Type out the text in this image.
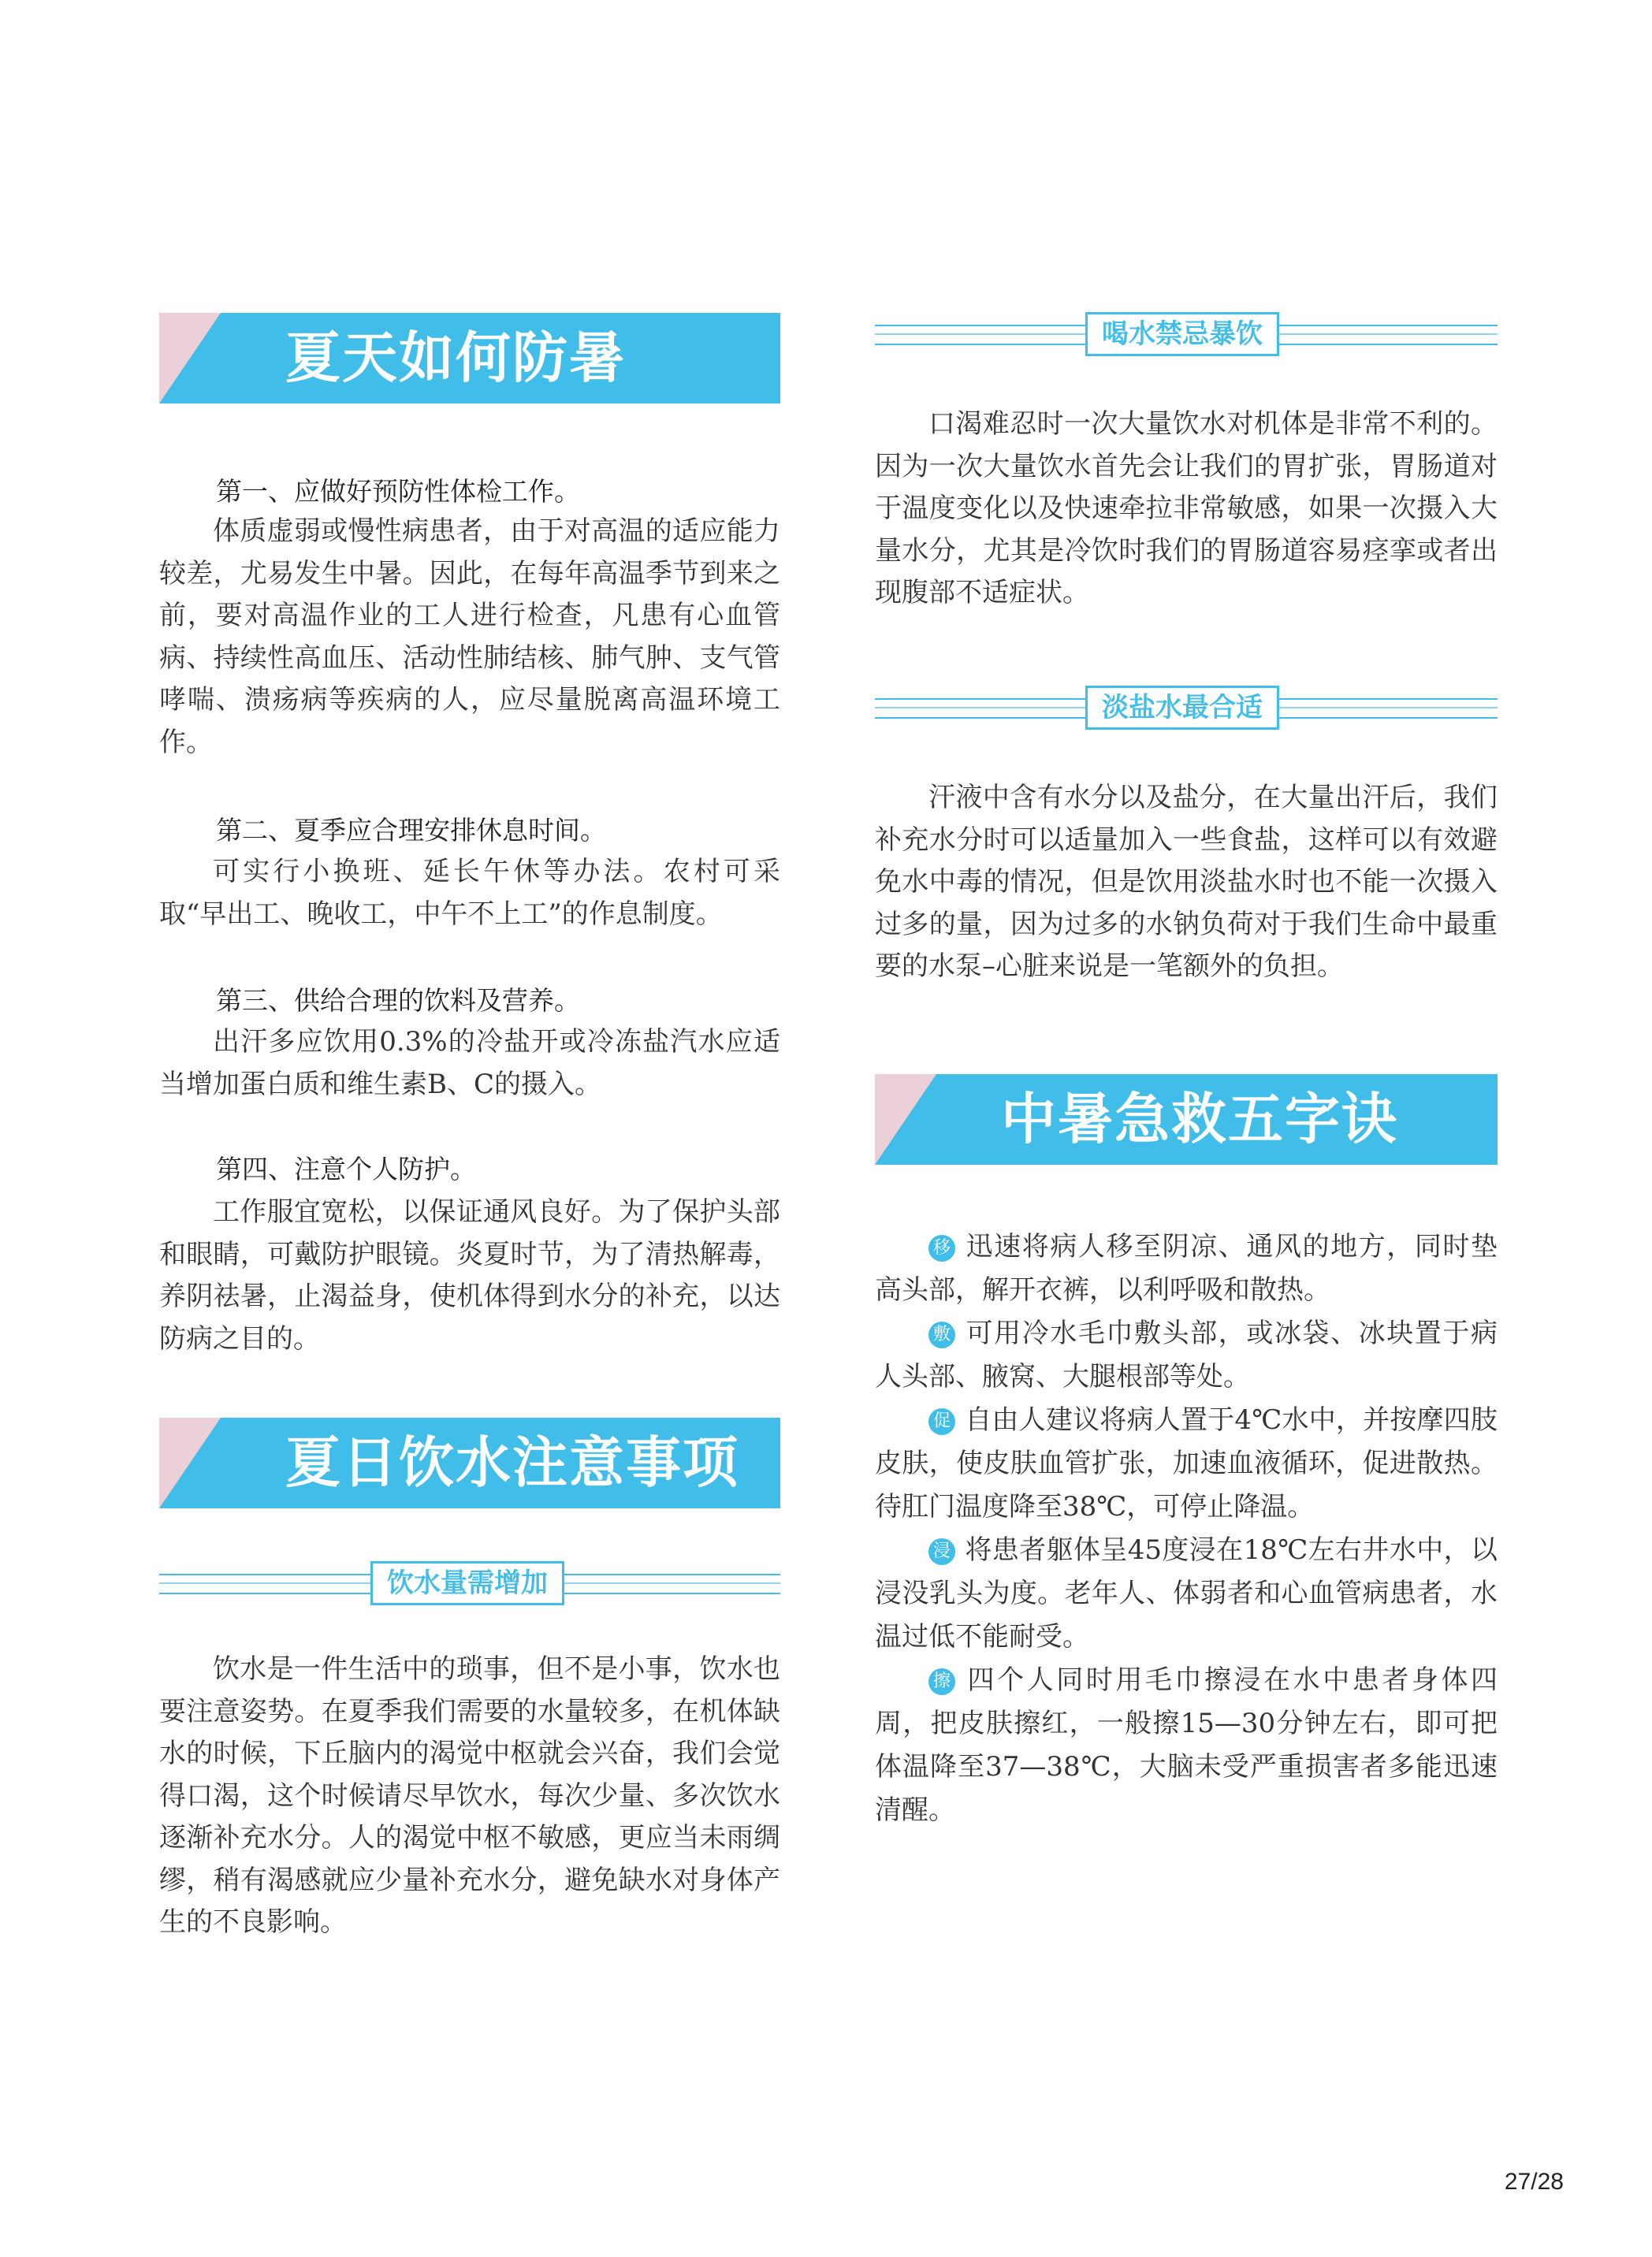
夏天如何防暑
第一、应做好预防性体检工作。

体质虚弱或慢性病患者，由于对高温的适应能力较差，尤易发生中暑。因此，在每年高温季节到来之前，要对高温作业的工人进行检查，凡患有心血管病、持续性高血压、活动性肺结核、肺气肿、支气管哮喘、溃疡病等疾病的人，应尽量脱离高温环境工作。

第二、夏季应合理安排休息时间。

可实行小换班、延长午休等办法。农村可采取“早出工、晚收工，中午不上工”的作息制度。

第三、供给合理的饮料及营养。

出汗多应饮用0.3%的冷盐开或冷冻盐汽水应适当增加蛋白质和维生素B、C的摄入。

第四、注意个人防护。

工作服宜宽松，以保证通风良好。为了保护头部和眼睛，可戴防护眼镜。炎夏时节，为了清热解毒，养阴祛暑，止渴益身，使机体得到水分的补充，以达防病之目的。

夏日饮水注意事项
饮水量需增加

饮水是一件生活中的琐事，但不是小事，饮水也要注意姿势。在夏季我们需要的水量较多，在机体缺水的时候，下丘脑内的渴觉中枢就会兴奋，我们会觉得口渴，这个时候请尽早饮水，每次少量、多次饮水逐渐补充水分。人的渴觉中枢不敏感，更应当未雨绸缪，稍有渴感就应少量补充水分，避免缺水对身体产生的不良影响。

喝水禁忌暴饮

口渴难忍时一次大量饮水对机体是非常不利的。因为一次大量饮水首先会让我们的胃扩张，胃肠道对于温度变化以及快速牵拉非常敏感，如果一次摄入大量水分，尤其是冷饮时我们的胃肠道容易痉挛或者出现腹部不适症状。

淡盐水最合适

汗液中含有水分以及盐分，在大量出汗后，我们补充水分时可以适量加入一些食盐，这样可以有效避免水中毒的情况，但是饮用淡盐水时也不能一次摄入过多的量，因为过多的水钠负荷对于我们生命中最重要的水泵–心脏来说是一笔额外的负担。

中暑急救五字诀

移 迅速将病人移至阴凉、通风的地方，同时垫高头部，解开衣裤，以利呼吸和散热。

敷 可用冷水毛巾敷头部，或冰袋、冰块置于病人头部、腋窝、大腿根部等处。

促 自由人建议将病人置于4℃水中，并按摩四肢皮肤，使皮肤血管扩张，加速血液循环，促进散热。待肛门温度降至38℃，可停止降温。

浸 将患者躯体呈45度浸在18℃左右井水中，以浸没乳头为度。老年人、体弱者和心血管病患者，水温过低不能耐受。

擦 四个人同时用毛巾擦浸在水中患者身体四周，把皮肤擦红，一般擦15—30分钟左右，即可把体温降至37—38℃，大脑未受严重损害者多能迅速清醒。

27/28
